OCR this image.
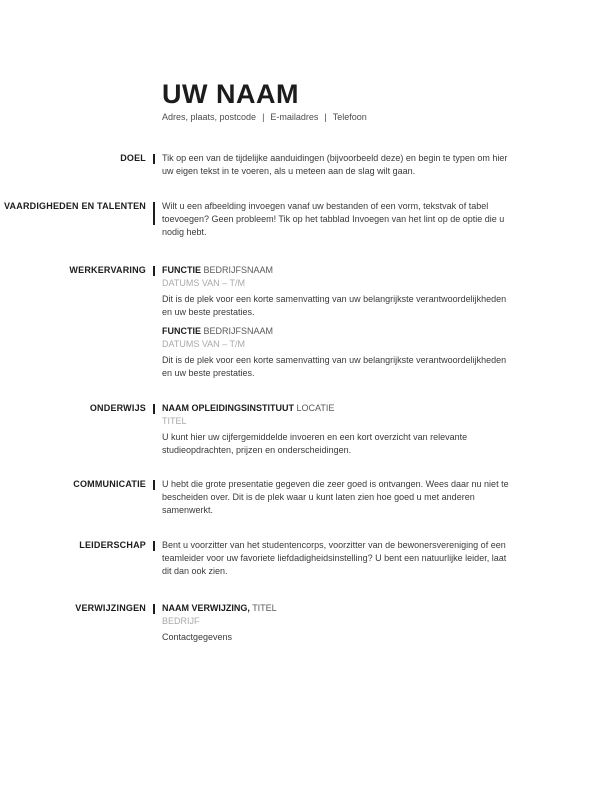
UW NAAM
Adres, plaats, postcode | E-mailadres | Telefoon
DOEL Tik op een van de tijdelijke aanduidingen (bijvoorbeeld deze) en begin te typen om hier uw eigen tekst in te voeren, als u meteen aan de slag wilt gaan.

VAARDIGHEDEN EN TALENTEN Wilt u een afbeelding invoegen vanaf uw bestanden of een vorm, tekstvak of tabel toevoegen? Geen probleem! Tik op het tabblad Invoegen van het lint op de optie die u nodig hebt.

WERKERVARING FUNCTIE BEDRIJFSNAAM
DATUMS VAN – T/M

Dit is de plek voor een korte samenvatting van uw belangrijkste verantwoordelijkheden en uw beste prestaties.

FUNCTIE BEDRIJFSNAAM
DATUMS VAN – T/M

Dit is de plek voor een korte samenvatting van uw belangrijkste verantwoordelijkheden en uw beste prestaties.

ONDERWIJS NAAM OPLEIDINGSINSTITUUT LOCATIE
TITEL

U kunt hier uw cijfergemiddelde invoeren en een kort overzicht van relevante studieopdrachten, prijzen en onderscheidingen.

COMMUNICATIE U hebt die grote presentatie gegeven die zeer goed is ontvangen. Wees daar nu niet te bescheiden over. Dit is de plek waar u kunt laten zien hoe goed u met anderen samenwerkt.

LEIDERSCHAP Bent u voorzitter van het studentencorps, voorzitter van de bewonersvereniging of een teamleider voor uw favoriete liefdadigheidsinstelling? U bent een natuurlijke leider, laat dit dan ook zien.

VERWIJZINGEN NAAM VERWIJZING, TITEL
BEDRIJF

Contactgegevens
